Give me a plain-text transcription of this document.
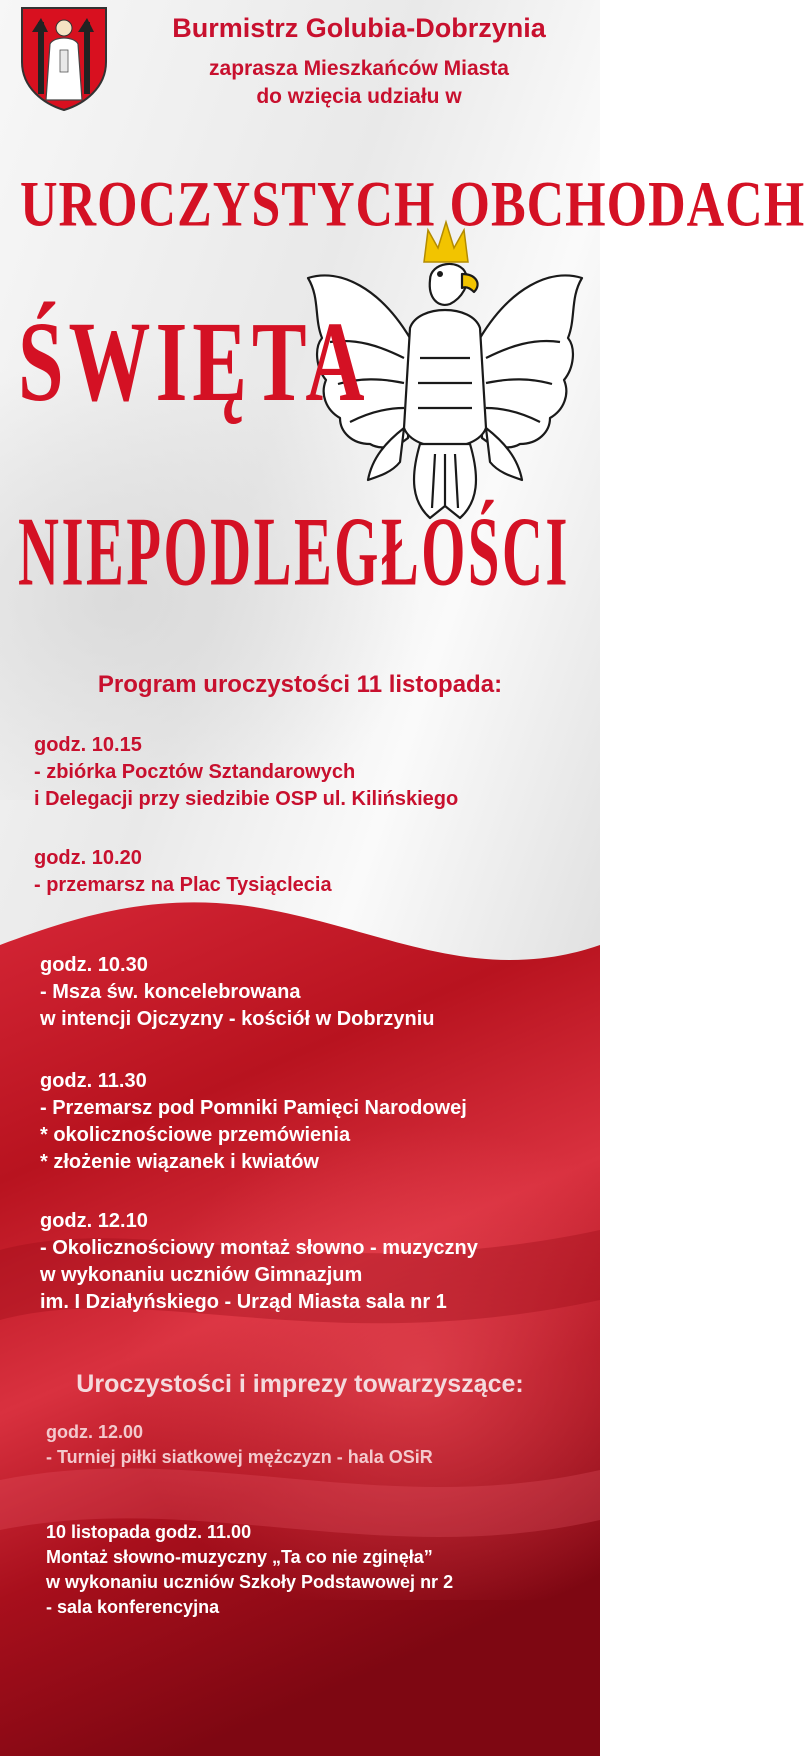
Burmistrz Golubia-Dobrzynia

zaprasza Mieszkańców Miasta

do wzięcia udziału w

UROCZYSTYCH OBCHODACH
ŚWIĘTA
NIEPODLEGŁOŚCI

Program uroczystości 11 listopada:

godz. 10.15
- zbiórka Pocztów Sztandarowych
i Delegacji przy siedzibie OSP ul. Kilińskiego
godz. 10.20
- przemarsz na Plac Tysiąclecia
godz. 10.30
- Msza św. koncelebrowana
w intencji Ojczyzny - kościół w Dobrzyniu
godz. 11.30
- Przemarsz pod Pomniki Pamięci Narodowej
* okolicznościowe przemówienia
* złożenie wiązanek i kwiatów
godz. 12.10
- Okolicznościowy montaż słowno - muzyczny
w wykonaniu uczniów Gimnazjum
im. I Działyńskiego - Urząd Miasta sala nr 1

Uroczystości i imprezy towarzyszące:

godz. 12.00
- Turniej piłki siatkowej mężczyzn - hala OSiR
10 listopada godz. 11.00
Montaż słowno-muzyczny „Ta co nie zginęła”
w wykonaniu uczniów Szkoły Podstawowej nr 2
- sala konferencyjna
